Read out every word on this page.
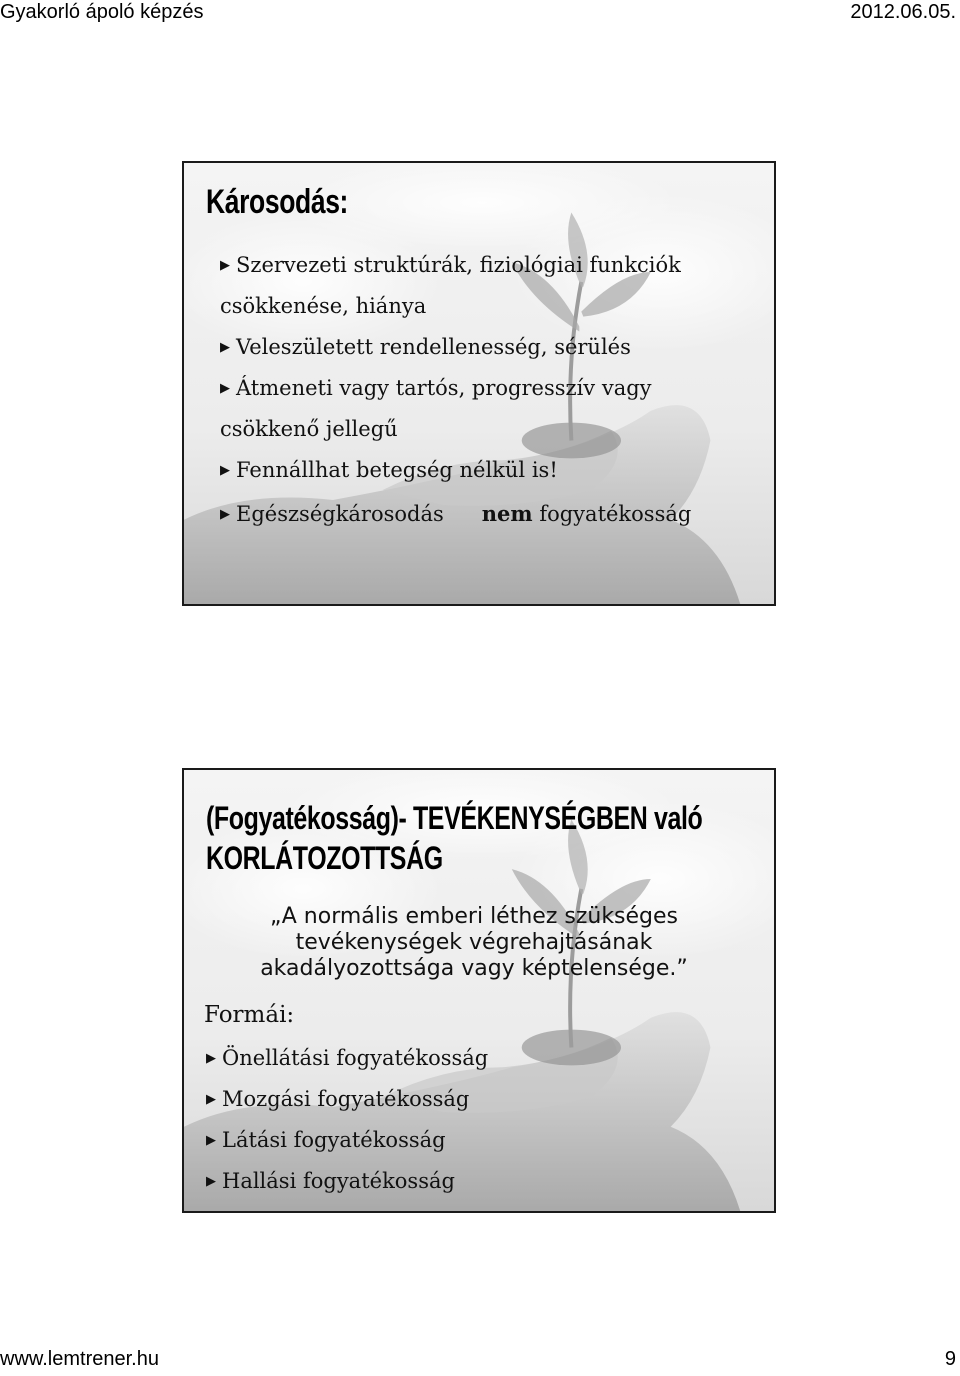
Gyakorló ápoló képzés	2012.06.05.
Károsodás:
▶ Szervezeti struktúrák, fiziológiai funkciók
csökkenése, hiánya
▶ Veleszületett rendellenesség, sérülés
▶ Átmeneti vagy tartós, progresszív vagy
csökkenő jellegű
▶ Fennállhat betegség nélkül is!
▶ Egészségkárosodás nem fogyatékosság
(Fogyatékosság)- TEVÉKENYSÉGBEN való
KORLÁTOZOTTSÁG
„A normális emberi léthez szükséges
tevékenységek végrehajtásának
akadályozottsága vagy képtelensége.”
Formái:
▶ Önellátási fogyatékosság
▶ Mozgási fogyatékosság
▶ Látási fogyatékosság
▶ Hallási fogyatékosság
www.lemtrener.hu	9
